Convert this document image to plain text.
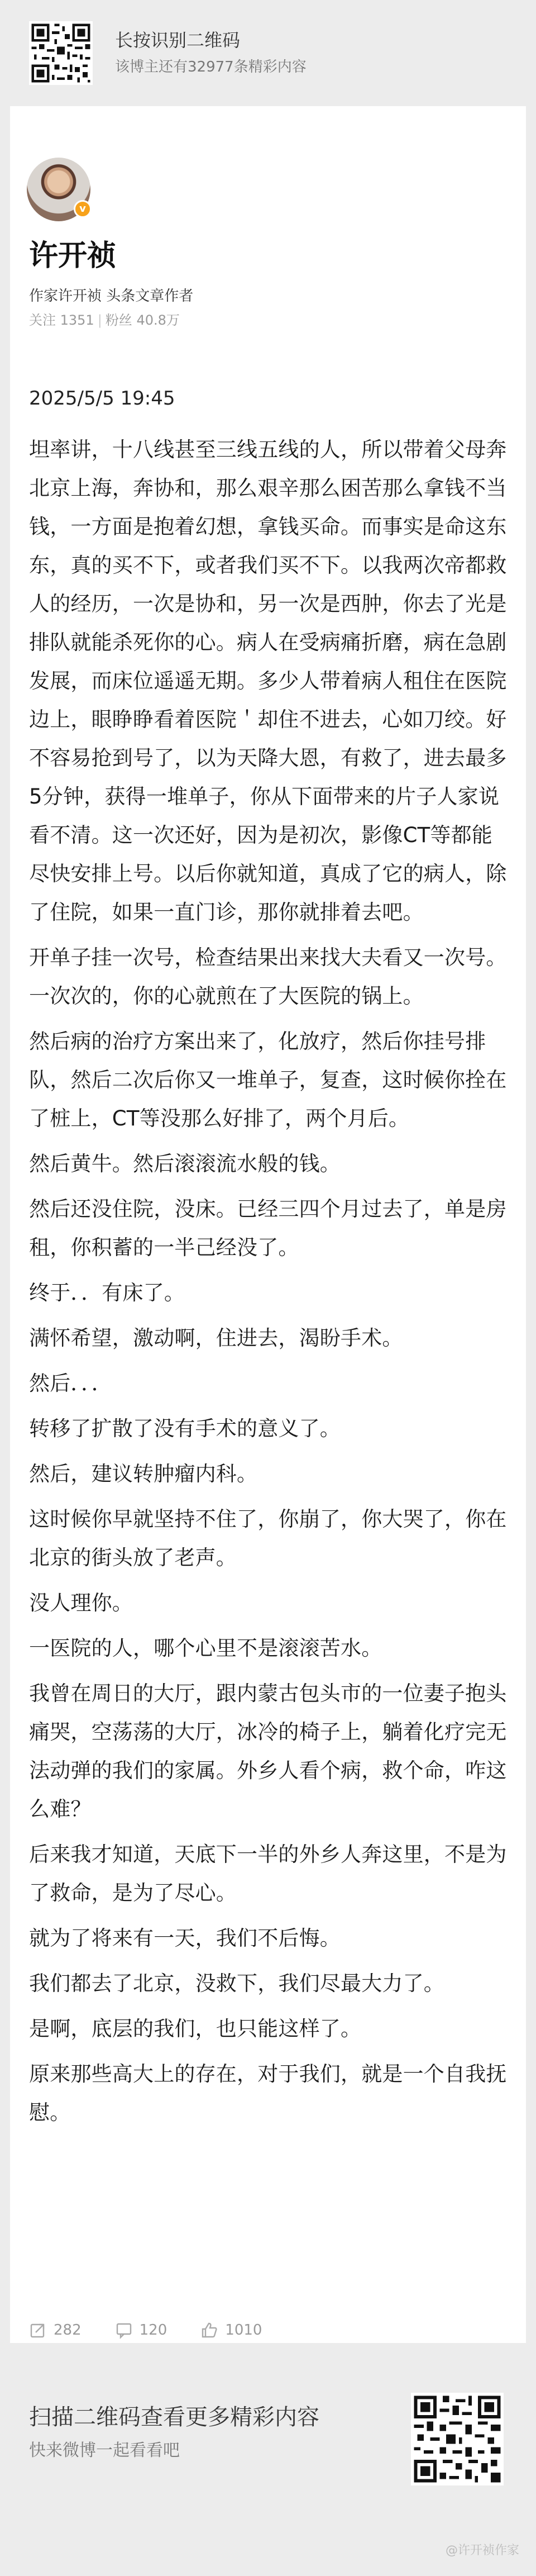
长按识别二维码
该博主还有32977条精彩内容
v
许开祯
作家许开祯 头条文章作者
关注 1351 | 粉丝 40.8万
2025/5/5 19:45

坦率讲，十八线甚至三线五线的人，所以带着父母奔北京上海，奔协和，那么艰辛那么困苦那么拿钱不当钱，一方面是抱着幻想，拿钱买命。而事实是命这东东，真的买不下，或者我们买不下。以我两次帝都救人的经历，一次是协和，另一次是西肿，你去了光是排队就能杀死你的心。病人在受病痛折磨，病在急剧发展，而床位遥遥无期。多少人带着病人租住在医院边上，眼睁睁看着医院＇却住不进去，心如刀绞。好不容易抢到号了，以为天降大恩，有救了，进去最多5分钟，获得一堆单子，你从下面带来的片子人家说看不清。这一次还好，因为是初次，影像CT等都能尽快安排上号。以后你就知道，真成了它的病人，除了住院，如果一直门诊，那你就排着去吧。

开单子挂一次号，检查结果出来找大夫看又一次号。一次次的，你的心就煎在了大医院的锅上。

然后病的治疗方案出来了，化放疗，然后你挂号排队，然后二次后你又一堆单子，复查，这时候你拴在了桩上，CT等没那么好排了，两个月后。

然后黄牛。然后滚滚流水般的钱。

然后还没住院，没床。已经三四个月过去了，单是房租，你积蓄的一半己经没了。

终于．．有床了。

满怀希望，激动啊，住进去，渴盼手术。

然后．．．

转移了扩散了没有手术的意义了。

然后，建议转肿瘤内科。

这时候你早就坚持不住了，你崩了，你大哭了，你在北京的街头放了老声。

没人理你。

一医院的人，哪个心里不是滚滚苦水。

我曾在周日的大厅，跟内蒙古包头市的一位妻子抱头痛哭，空荡荡的大厅，冰冷的椅子上，躺着化疗完无法动弹的我们的家属。外乡人看个病，救个命，咋这么难？

后来我才知道，天底下一半的外乡人奔这里，不是为了救命，是为了尽心。

就为了将来有一天，我们不后悔。

我们都去了北京，没救下，我们尽最大力了。

是啊，底层的我们，也只能这样了。

原来那些高大上的存在，对于我们，就是一个自我抚慰。

282	120	1010
扫描二维码查看更多精彩内容
快来微博一起看看吧
@许开祯作家
